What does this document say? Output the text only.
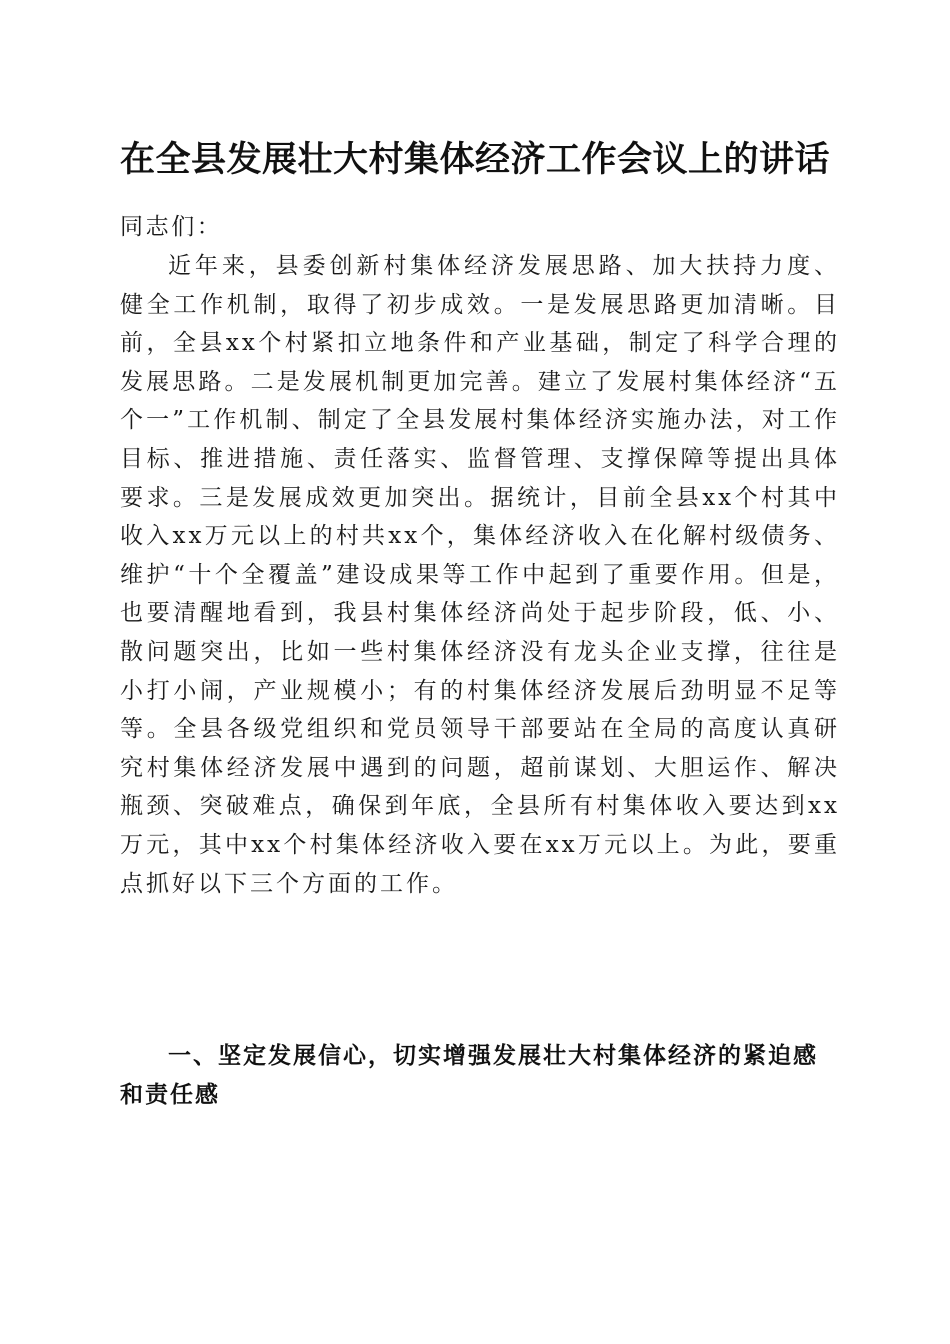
在全县发展壮大村集体经济工作会议上的讲话
同志们：
近年来，县委创新村集体经济发展思路、加大扶持力度、健全工作机制，取得了初步成效。一是发展思路更加清晰。目前，全县xx个村紧扣立地条件和产业基础，制定了科学合理的发展思路。二是发展机制更加完善。建立了发展村集体经济“五个一”工作机制、制定了全县发展村集体经济实施办法，对工作目标、推进措施、责任落实、监督管理、支撑保障等提出具体要求。三是发展成效更加突出。据统计，目前全县xx个村其中收入xx万元以上的村共xx个，集体经济收入在化解村级债务、维护“十个全覆盖”建设成果等工作中起到了重要作用。但是，也要清醒地看到，我县村集体经济尚处于起步阶段，低、小、散问题突出，比如一些村集体经济没有龙头企业支撑，往往是小打小闹，产业规模小；有的村集体经济发展后劲明显不足等等。全县各级党组织和党员领导干部要站在全局的高度认真研究村集体经济发展中遇到的问题，超前谋划、大胆运作、解决瓶颈、突破难点，确保到年底，全县所有村集体收入要达到xx万元，其中xx个村集体经济收入要在xx万元以上。为此，要重点抓好以下三个方面的工作。
一、坚定发展信心，切实增强发展壮大村集体经济的紧迫感和责任感
